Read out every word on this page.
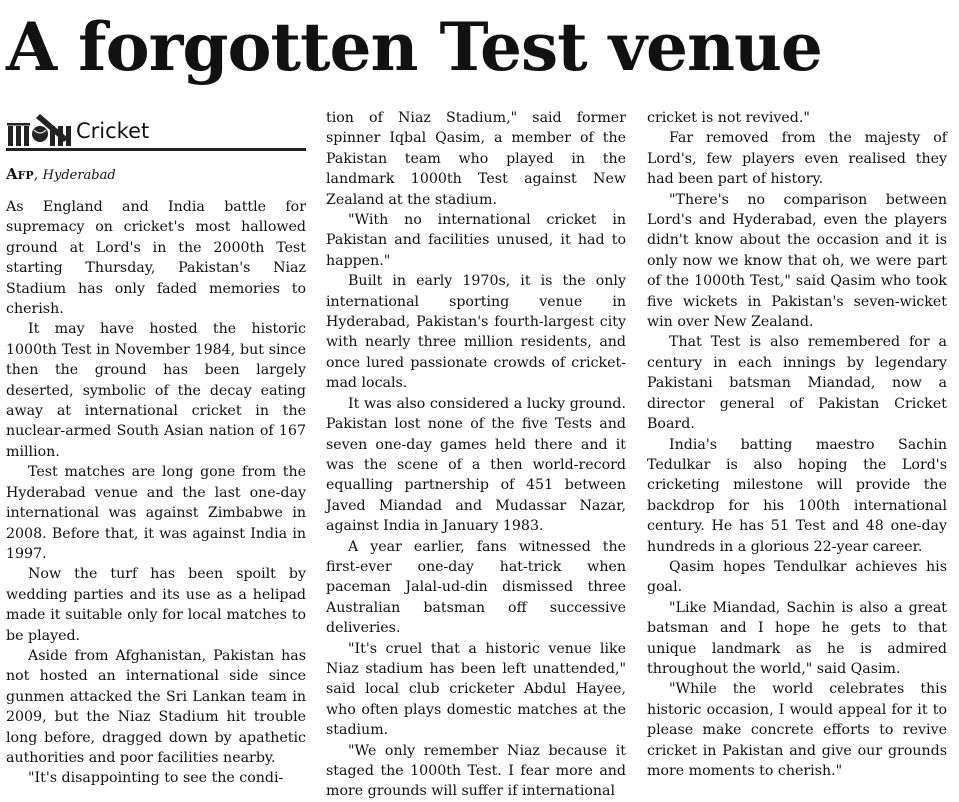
A forgotten Test venue
Cricket
Afp, Hyderabad

As England and India battle for supremacy on cricket's most hallowed ground at Lord's in the 2000th Test starting Thursday, Pakistan's Niaz Stadium has only faded memories to cherish.

It may have hosted the historic 1000th Test in November 1984, but since then the ground has been largely deserted, symbolic of the decay eating away at international cricket in the nuclear-armed South Asian nation of 167 million.

Test matches are long gone from the Hyderabad venue and the last one-day international was against Zimbabwe in 2008. Before that, it was against India in 1997.

Now the turf has been spoilt by wedding parties and its use as a helipad made it suitable only for local matches to be played.

Aside from Afghanistan, Pakistan has not hosted an international side since gunmen attacked the Sri Lankan team in 2009, but the Niaz Stadium hit trouble long before, dragged down by apathetic authorities and poor facilities nearby.

"It's disappointing to see the condi-

tion of Niaz Stadium," said former spinner Iqbal Qasim, a member of the Pakistan team who played in the landmark 1000th Test against New Zealand at the stadium.

"With no international cricket in Pakistan and facilities unused, it had to happen."

Built in early 1970s, it is the only international sporting venue in Hyderabad, Pakistan's fourth-largest city with nearly three million residents, and once lured passionate crowds of cricket-mad locals.

It was also considered a lucky ground. Pakistan lost none of the five Tests and seven one-day games held there and it was the scene of a then world-record equalling partnership of 451 between Javed Miandad and Mudassar Nazar, against India in January 1983.

A year earlier, fans witnessed the first-ever one-day hat-trick when paceman Jalal-ud-din dismissed three Australian batsman off successive deliveries.

"It's cruel that a historic venue like Niaz stadium has been left unattended," said local club cricketer Abdul Hayee, who often plays domestic matches at the stadium.

"We only remember Niaz because it staged the 1000th Test. I fear more and more grounds will suffer if international

cricket is not revived."

Far removed from the majesty of Lord's, few players even realised they had been part of history.

"There's no comparison between Lord's and Hyderabad, even the players didn't know about the occasion and it is only now we know that oh, we were part of the 1000th Test," said Qasim who took five wickets in Pakistan's seven-wicket win over New Zealand.

That Test is also remembered for a century in each innings by legendary Pakistani batsman Miandad, now a director general of Pakistan Cricket Board.

India's batting maestro Sachin Tedulkar is also hoping the Lord's cricketing milestone will provide the backdrop for his 100th international century. He has 51 Test and 48 one-day hundreds in a glorious 22-year career.

Qasim hopes Tendulkar achieves his goal.

"Like Miandad, Sachin is also a great batsman and I hope he gets to that unique landmark as he is admired throughout the world," said Qasim.

"While the world celebrates this historic occasion, I would appeal for it to please make concrete efforts to revive cricket in Pakistan and give our grounds more moments to cherish."
